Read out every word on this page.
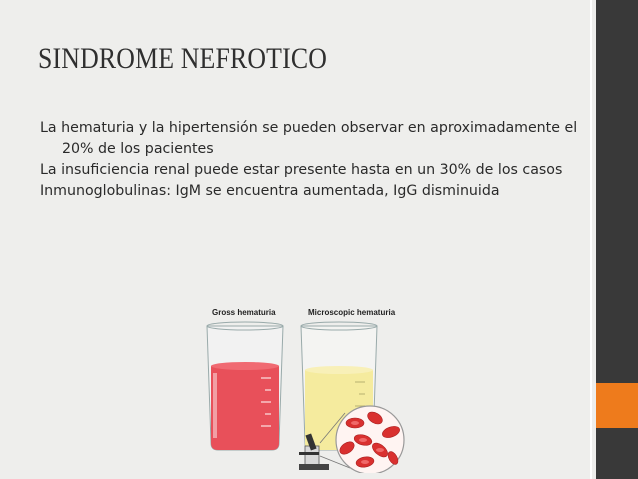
SINDROME NEFROTICO

La hematuria y la hipertensión se pueden observar en aproximadamente el 20% de los pacientes

La insuficiencia renal puede estar presente hasta en un 30% de los casos

Inmunoglobulinas: IgM se encuentra aumentada, IgG disminuida

Gross hematuria	Microscopic hematuria
